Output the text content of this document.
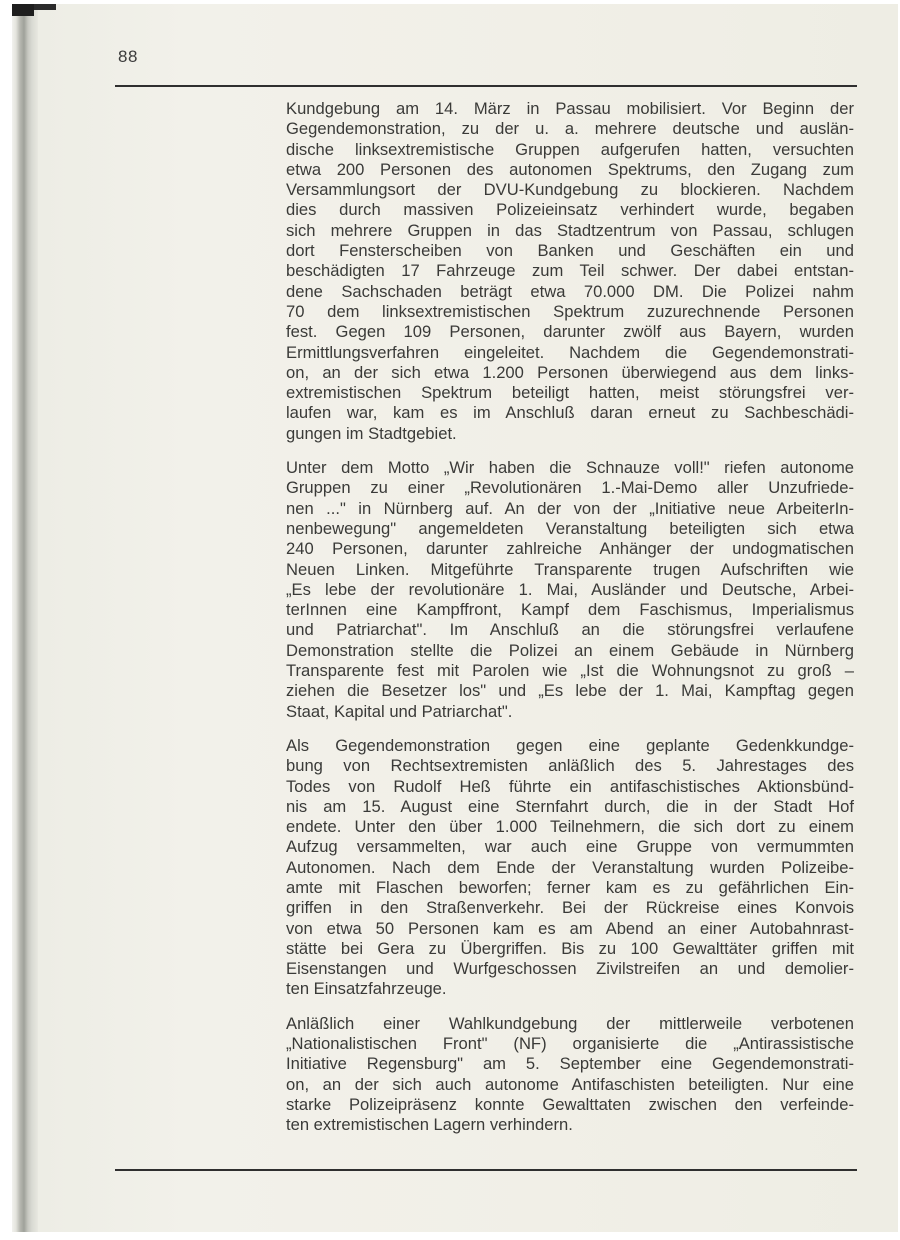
88
Kundgebung am 14. März in Passau mobilisiert. Vor Beginn der
Gegendemonstration, zu der u. a. mehrere deutsche und auslän-
dische linksextremistische Gruppen aufgerufen hatten, versuchten
etwa 200 Personen des autonomen Spektrums, den Zugang zum
Versammlungsort der DVU-Kundgebung zu blockieren. Nachdem
dies durch massiven Polizeieinsatz verhindert wurde, begaben
sich mehrere Gruppen in das Stadtzentrum von Passau, schlugen
dort Fensterscheiben von Banken und Geschäften ein und
beschädigten 17 Fahrzeuge zum Teil schwer. Der dabei entstan-
dene Sachschaden beträgt etwa 70.000 DM. Die Polizei nahm
70 dem linksextremistischen Spektrum zuzurechnende Personen
fest. Gegen 109 Personen, darunter zwölf aus Bayern, wurden
Ermittlungsverfahren eingeleitet. Nachdem die Gegendemonstrati-
on, an der sich etwa 1.200 Personen überwiegend aus dem links-
extremistischen Spektrum beteiligt hatten, meist störungsfrei ver-
laufen war, kam es im Anschluß daran erneut zu Sachbeschädi-
gungen im Stadtgebiet.
Unter dem Motto „Wir haben die Schnauze voll!" riefen autonome
Gruppen zu einer „Revolutionären 1.-Mai-Demo aller Unzufriede-
nen ..." in Nürnberg auf. An der von der „Initiative neue ArbeiterIn-
nenbewegung" angemeldeten Veranstaltung beteiligten sich etwa
240 Personen, darunter zahlreiche Anhänger der undogmatischen
Neuen Linken. Mitgeführte Transparente trugen Aufschriften wie
„Es lebe der revolutionäre 1. Mai, Ausländer und Deutsche, Arbei-
terInnen eine Kampffront, Kampf dem Faschismus, Imperialismus
und Patriarchat". Im Anschluß an die störungsfrei verlaufene
Demonstration stellte die Polizei an einem Gebäude in Nürnberg
Transparente fest mit Parolen wie „Ist die Wohnungsnot zu groß –
ziehen die Besetzer los" und „Es lebe der 1. Mai, Kampftag gegen
Staat, Kapital und Patriarchat".
Als Gegendemonstration gegen eine geplante Gedenkkundge-
bung von Rechtsextremisten anläßlich des 5. Jahrestages des
Todes von Rudolf Heß führte ein antifaschistisches Aktionsbünd-
nis am 15. August eine Sternfahrt durch, die in der Stadt Hof
endete. Unter den über 1.000 Teilnehmern, die sich dort zu einem
Aufzug versammelten, war auch eine Gruppe von vermummten
Autonomen. Nach dem Ende der Veranstaltung wurden Polizeibe-
amte mit Flaschen beworfen; ferner kam es zu gefährlichen Ein-
griffen in den Straßenverkehr. Bei der Rückreise eines Konvois
von etwa 50 Personen kam es am Abend an einer Autobahnrast-
stätte bei Gera zu Übergriffen. Bis zu 100 Gewalttäter griffen mit
Eisenstangen und Wurfgeschossen Zivilstreifen an und demolier-
ten Einsatzfahrzeuge.
Anläßlich einer Wahlkundgebung der mittlerweile verbotenen
„Nationalistischen Front" (NF) organisierte die „Antirassistische
Initiative Regensburg" am 5. September eine Gegendemonstrati-
on, an der sich auch autonome Antifaschisten beteiligten. Nur eine
starke Polizeipräsenz konnte Gewalttaten zwischen den verfeinde-
ten extremistischen Lagern verhindern.
